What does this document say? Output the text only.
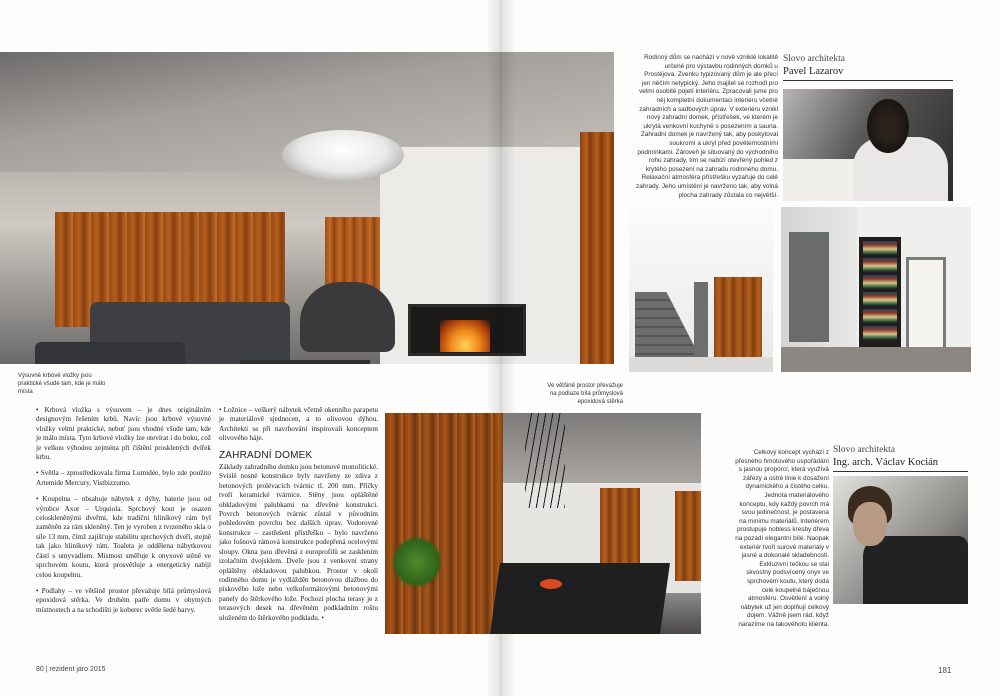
Výsuvné krbové vložky jsou praktické všude tam, kde je málo místa
Ve většině prostor převažuje na podlaze bílá průmyslová epoxidová stěrka

• Krbová vložka s výsuvem – je dnes originálním designovým řešením krbů. Navíc jsou krbové výsuvné vložky velmi praktické, neboť jsou vhodné všude tam, kde je málo místa. Tyto krbové vložky lze otevírat i do boku, což je velkou výhodou zejména při čištění prosklených dvířek krbu.

• Světla – zprostředkovala firma Lumidée, bylo zde použito Artemide Mercury, Vistbizzumo.

• Koupelna – obsahuje nábytek z dýhy, baterie jsou od výrobce Axor – Urquiola. Sprchový kout je osazen celoskleněnými dveřmi, kde tradiční hliníkový rám byl zaměněn za rám skleněný. Ten je vyroben z tvrzeného skla o síle 13 mm, čímž zajišťuje stabilitu sprchových dveří, stejně tak jako hliníkový rám. Toaleta je oddělena nábytkovou částí s umyvadlem. Místnost směřuje k onyxové stěně ve sprchovém koutu, která prosvětluje a energeticky nabíjí celou koupelnu.

• Podlahy – ve většině prostor převažuje bílá průmyslová epoxidová stěrka. Ve druhém patře domu v obytných místnostech a na schodišti je koberec světle šedé barvy.

• Ložnice – veškerý nábytek včetně okenního parapetu je materiálově sjednocen, a to olivovou dýhou. Architekti se při navrhování inspirovali konceptem olivového háje.

ZAHRADNÍ DOMEK

Základy zahradního domku jsou betonové monolitické. Svislé nosné konstrukce byly navrženy ze zdiva z betonových prolévacích tvárnic tl. 200 mm. Příčky tvoří keramické tvárnice. Stěny jsou opláštěné obkladovými palubkami na dřevěné konstrukci. Povrch betonových tvárnic zůstal v původním pohledovém povrchu bez dalších úprav. Vodorovné konstrukce – zastřešení přístřešku – bylo navrženo jako fošnová rámová konstrukce podepřená ocelovými sloupy. Okna jsou dřevěná z europrofilů se zasklením izolačním dvojsklem. Dveře jsou z venkovní strany opláštěny obkladovou palubkou. Prostor v okolí rodinného domu je vydlážděn betonovou dlažbou do pískového lože nebo velkoformátovými betonovými panely do štěrkového lože. Pochozí plocha terasy je z terasových desek na dřevěném podkladním roštu uloženém do štěrkového podkladu. •

Rodinný dům se nachází v nově vzniklé lokalitě určené pro výstavbu rodinných domků u Prostějova. Zvenku typizovaný dům je ale přecí jen něčím netypický. Jeho majitel se rozhodl pro velmi osobité pojetí interiéru. Zpracovali jsme pro něj kompletní dokumentaci interiéru včetně zahradních a sadbových úprav. V exteriéru vznikl nový zahradní domek, přístřešek, ve kterém je ukrytá venkovní kuchyně s posezením a sauna. Zahradní domek je navržený tak, aby poskytoval soukromí a ukryl před pověternostními podmínkami. Zároveň je situovaný do východního rohu zahrady, tím se nabízí otevřený pohled z krytého posezení na zahradu rodinného domu. Relaxační atmosféra přístřešku vyzařuje do celé zahrady. Jeho umístění je navrženo tak, aby volná plocha zahrady zůstala co největší.
Slovo architekta
Pavel Lazarov
Celkový koncept vychází z přesného hmotového uspořádání s jasnou proporcí, která využívá zářezy a ostré linie k dosažení dynamického a čistého celku. Jednota materiálového konceptu, kdy každý povrch má svou jedinečnost, je postavena na minimu materiálů. Interiérem prostupuje nobless kresby dřeva na pozadí elegantní bílé. Naopak exteriér tvoří surové materiály v jasné a dokonalé skladebnosti. Exkluzivní tečkou se stal skvostný podsvícený onyx ve sprchovém koutu, který dodá celé koupelně báječnou atmosféru. Osvětlení a volný nábytek už jen doplňují celkový dojem. Vážně jsem rád, když narazíme na takovéhoto klienta.
Slovo architekta
Ing. arch. Václav Kocián
80 | rezident jaro 2015	181
